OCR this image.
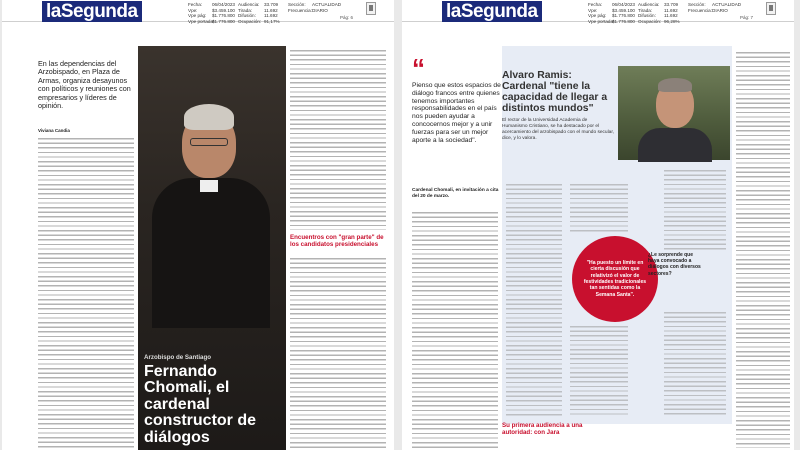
laSegunda	Fecha:
Vpe:
Vpe pág:
Vpe portada:
06/04/2023
$3.459.100
$1.776.800
$1.776.800
Audiencia:
Tirada:
Difusión:
Ocupación:
33.709
11.692
11.692
91,17%
Sección:
Frecuencia:
ACTUALIDAD
DIARIO
Pág: 6
En las dependencias del Arzobispado, en Plaza de Armas, organiza desayunos con políticos y reuniones con empresarios y líderes de opinión.
Viviana Candia
Arzobispo de Santiago
Fernando Chomali, el cardenal constructor de diálogos
Encuentros con "gran parte" de los candidatos presidenciales
laSegunda	Fecha:
Vpe:
Vpe pág:
Vpe portada:
06/04/2023
$3.459.100
$1.776.800
$1.776.800
Audiencia:
Tirada:
Difusión:
Ocupación:
33.709
11.692
11.692
96,28%
Sección:
Frecuencia:
ACTUALIDAD
DIARIO
Pág: 7
“
Pienso que estos espacios de diálogo francos entre quienes tenemos importantes responsabilidades en el país nos pueden ayudar a concocernos mejor y a unir fuerzas para ser un mejor aporte a la sociedad".
Cardenal Chomali, en invitación a cita del 20 de marzo.
Alvaro Ramis: Cardenal "tiene la capacidad de llegar a distintos mundos"
El rector de la Universidad Academia de Humanismo Cristiano, se ha destacado por el acercamiento del arzobispado con el mundo secular, dice, y lo valora.
"Ha puesto un límite en cierta discusión que relativizó el valor de festividades tradicionales tan sentidas como la Semana Santa".
¿Le sorprende que haya convocado a diálogos con diversos sectores?
Su primera audiencia a una autoridad: con Jara
